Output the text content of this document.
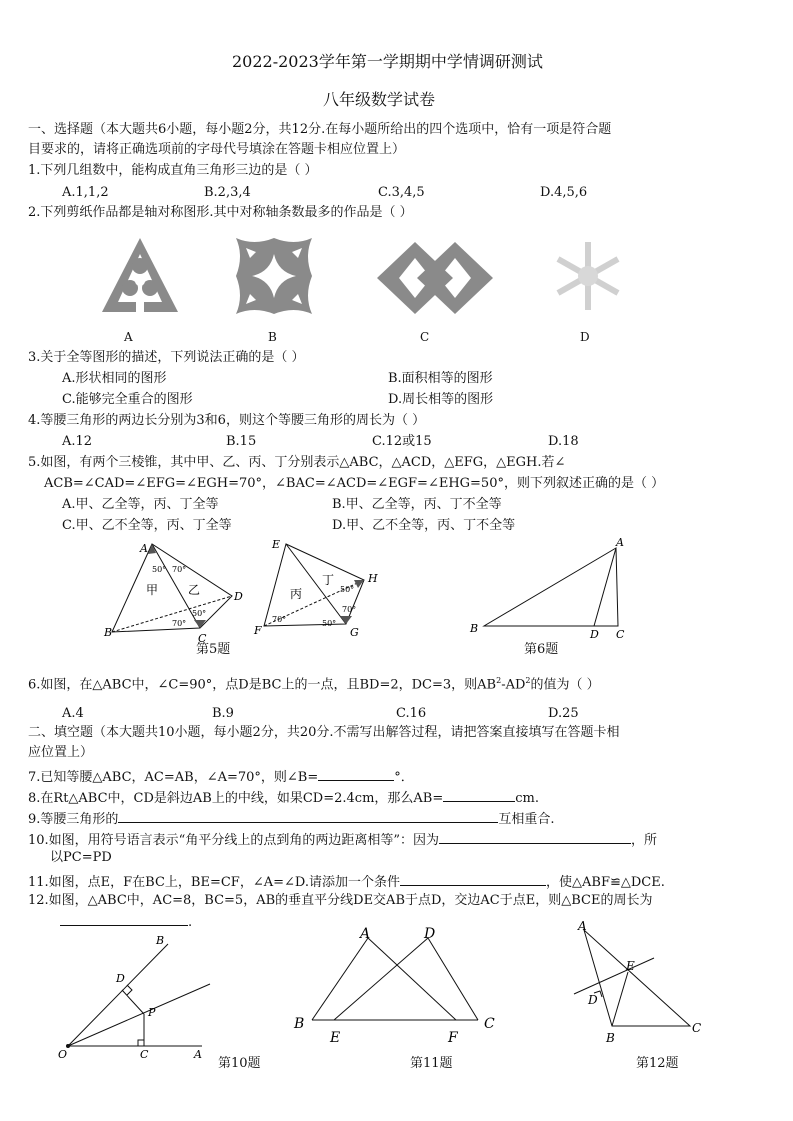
2022-2023学年第一学期期中学情调研测试
八年级数学试卷
一、选择题（本大题共6小题，每小题2分，共12分.在每小题所给出的四个选项中，恰有一项是符合题
目要求的，请将正确选项前的字母代号填涂在答题卡相应位置上）
1.下列几组数中，能构成直角三角形三边的是（ ）
A.1,1,2	B.2,3,4	C.3,4,5	D.4,5,6
2.下列剪纸作品都是轴对称图形.其中对称轴条数最多的作品是（ ）
A	B	C	D
3.关于全等图形的描述，下列说法正确的是（ ）
A.形状相同的图形	B.面积相等的图形
C.能够完全重合的图形	D.周长相等的图形
4.等腰三角形的两边长分别为3和6，则这个等腰三角形的周长为（ ）
A.12	B.15	C.12或15	D.18
5.如图，有两个三棱锥，其中甲、乙、丙、丁分别表示△ABC，△ACD，△EFG，△EGH.若∠
ACB=∠CAD=∠EFG=∠EGH=70°，∠BAC=∠ACD=∠EGF=∠EHG=50°，则下列叙述正确的是（ ）
A.甲、乙全等，丙、丁全等	B.甲、乙全等，丙、丁不全等
C.甲、乙不全等，丙、丁全等	D.甲、乙不全等，丙、丁不全等
A
B	C
D
E
F	G
H
甲 乙	丙
丁
50° 70°
50°
70°	70°	50°
50°
70°
第5题
A
B	D C
第6题
6.如图，在△ABC中，∠C=90°，点D是BC上的一点，且BD=2，DC=3，则$AB^2-AD^2$的值为（ ）
A.4	B.9	C.16	D.25
二、填空题（本大题共10小题，每小题2分，共20分.不需写出解答过程，请把答案直接填写在答题卡相
应位置上）
7.已知等腰△ABC，AC=AB，∠A=70°，则∠B=	°．
8.在Rt△ABC中，CD是斜边AB上的中线，如果CD=2.4cm，那么AB=	cm.
9.等腰三角形的	互相重合.
10.如图，用符号语言表示“角平分线上的点到角的两边距离相等”：因为	，所
以PC=PD
11.如图，点E，F在BC上，BE=CF，∠A=∠D.请添加一个条件	，使△ABF≌△DCE.
12.如图，△ABC中，AC=8，BC=5，AB的垂直平分线DE交AB于点D，交边AC于点E，则△BCE的周长为
.
O	A
B
C
D
P
第10题
A	D
B	C
E	F
第11题
A
B
C
D
E
第12题
